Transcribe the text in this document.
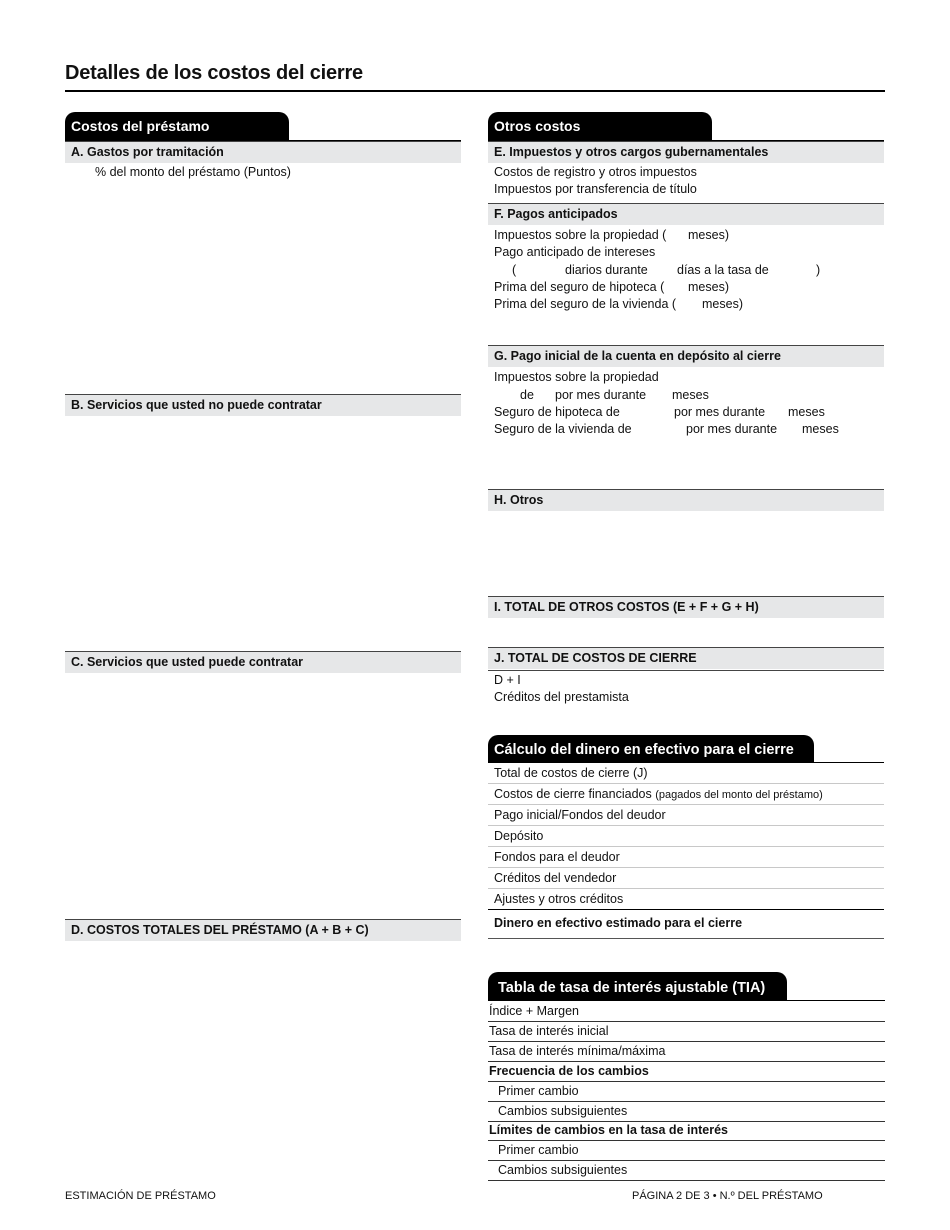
Detalles de los costos del cierre
Costos del préstamo
A. Gastos por tramitación
% del monto del préstamo (Puntos)
B. Servicios que usted no puede contratar
C. Servicios que usted puede contratar
D. COSTOS TOTALES DEL PRÉSTAMO (A + B + C)
Otros costos
E. Impuestos y otros cargos gubernamentales
Costos de registro y otros impuestos
Impuestos por transferencia de título
F. Pagos anticipados
Impuestos sobre la propiedad ( meses)
Pago anticipado de intereses
(	diarios durante días a la tasa de	)
Prima del seguro de hipoteca ( meses)
Prima del seguro de la vivienda ( meses)
G. Pago inicial de la cuenta en depósito al cierre
Impuestos sobre la propiedad
de por mes durante meses
Seguro de hipoteca de	por mes durante meses
Seguro de la vivienda de	por mes durante meses
H. Otros
I. TOTAL DE OTROS COSTOS (E + F + G + H)
J. TOTAL DE COSTOS DE CIERRE
D + I
Créditos del prestamista
Cálculo del dinero en efectivo para el cierre
Total de costos de cierre (J)
Costos de cierre financiados (pagados del monto del préstamo)
Pago inicial/Fondos del deudor
Depósito
Fondos para el deudor
Créditos del vendedor
Ajustes y otros créditos
Dinero en efectivo estimado para el cierre
Tabla de tasa de interés ajustable (TIA)
Índice + Margen
Tasa de interés inicial
Tasa de interés mínima/máxima
Frecuencia de los cambios
Primer cambio
Cambios subsiguientes
Límites de cambios en la tasa de interés
Primer cambio
Cambios subsiguientes
ESTIMACIÓN DE PRÉSTAMO	PÁGINA 2 DE 3 • N.º DEL PRÉSTAMO
